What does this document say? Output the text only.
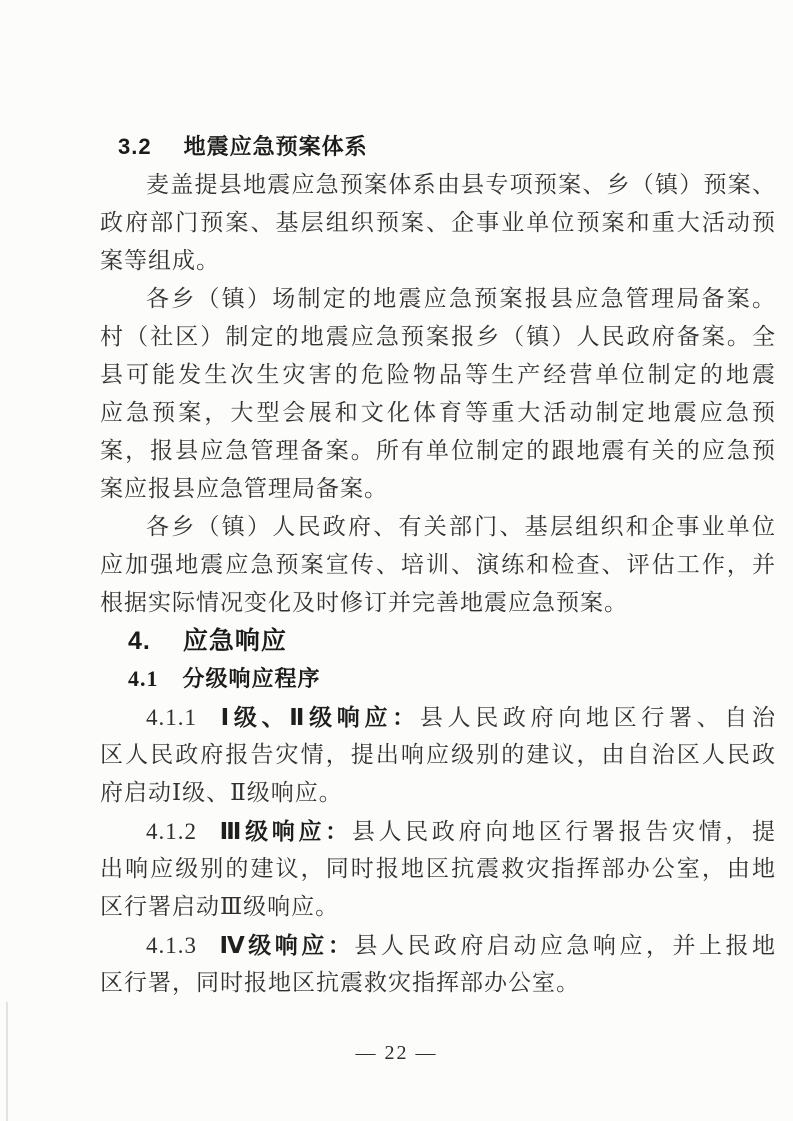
3.2 地震应急预案体系
麦盖提县地震应急预案体系由县专项预案、乡（镇）预案、
政府部门预案、基层组织预案、企事业单位预案和重大活动预
案等组成。
各乡（镇）场制定的地震应急预案报县应急管理局备案。
村（社区）制定的地震应急预案报乡（镇）人民政府备案。全
县可能发生次生灾害的危险物品等生产经营单位制定的地震
应急预案，大型会展和文化体育等重大活动制定地震应急预
案，报县应急管理备案。所有单位制定的跟地震有关的应急预
案应报县应急管理局备案。
各乡（镇）人民政府、有关部门、基层组织和企事业单位
应加强地震应急预案宣传、培训、演练和检查、评估工作，并
根据实际情况变化及时修订并完善地震应急预案。
4. 应急响应
4.1 分级响应程序
4.1.1 Ⅰ级、Ⅱ级响应：县人民政府向地区行署、自治
区人民政府报告灾情，提出响应级别的建议，由自治区人民政
府启动Ⅰ级、Ⅱ级响应。
4.1.2 Ⅲ级响应：县人民政府向地区行署报告灾情，提
出响应级别的建议，同时报地区抗震救灾指挥部办公室，由地
区行署启动Ⅲ级响应。
4.1.3 Ⅳ级响应：县人民政府启动应急响应，并上报地
区行署，同时报地区抗震救灾指挥部办公室。
— 22 —
